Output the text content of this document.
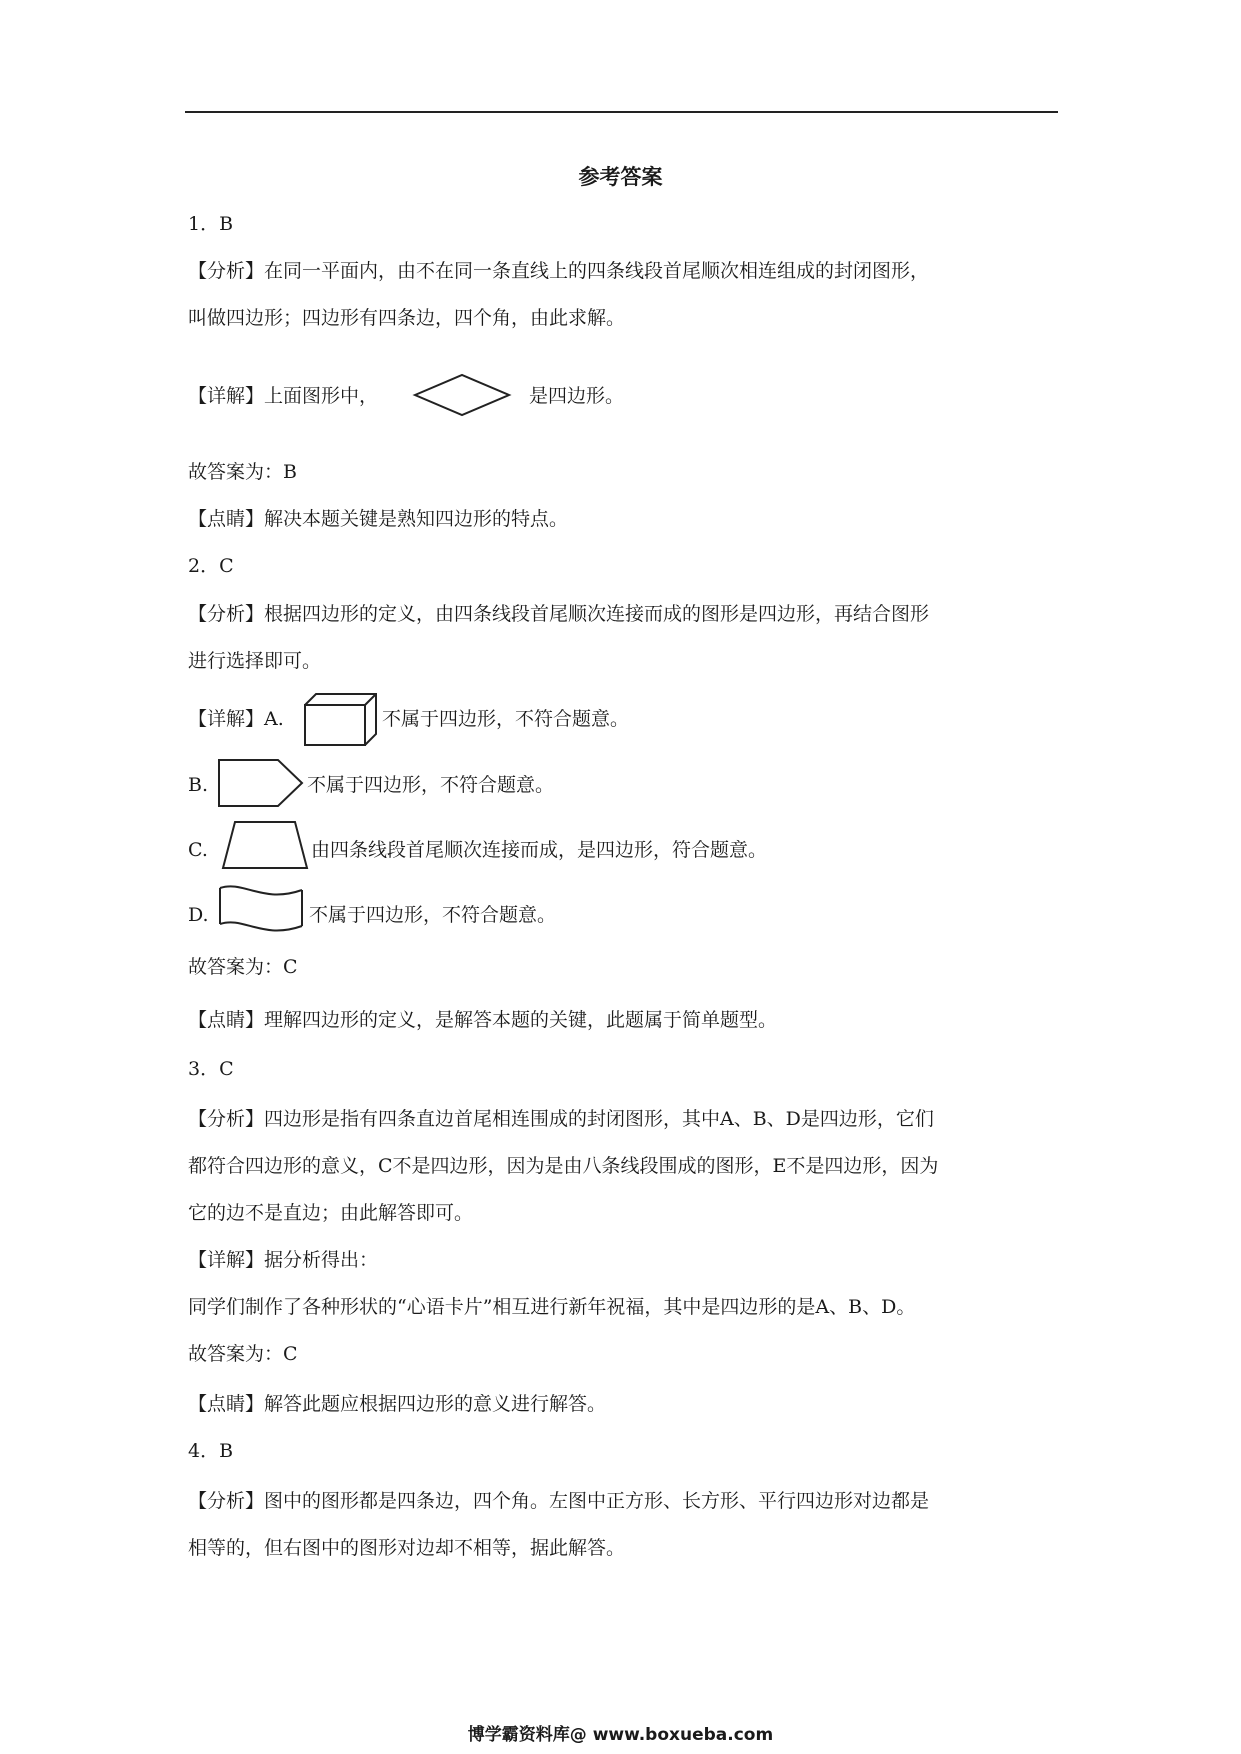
参考答案
1．B
【分析】在同一平面内，由不在同一条直线上的四条线段首尾顺次相连组成的封闭图形，
叫做四边形；四边形有四条边，四个角，由此求解。
【详解】上面图形中，	是四边形。
故答案为：B
【点睛】解决本题关键是熟知四边形的特点。
2．C
【分析】根据四边形的定义，由四条线段首尾顺次连接而成的图形是四边形，再结合图形
进行选择即可。
【详解】A.	不属于四边形，不符合题意。
B.	不属于四边形，不符合题意。
C.	由四条线段首尾顺次连接而成，是四边形，符合题意。
D.	不属于四边形，不符合题意。
故答案为：C
【点睛】理解四边形的定义，是解答本题的关键，此题属于简单题型。
3．C
【分析】四边形是指有四条直边首尾相连围成的封闭图形，其中A、B、D是四边形，它们
都符合四边形的意义，C不是四边形，因为是由八条线段围成的图形，E不是四边形，因为
它的边不是直边；由此解答即可。
【详解】据分析得出：
同学们制作了各种形状的“心语卡片”相互进行新年祝福，其中是四边形的是A、B、D。
故答案为：C
【点睛】解答此题应根据四边形的意义进行解答。
4．B
【分析】图中的图形都是四条边，四个角。左图中正方形、长方形、平行四边形对边都是
相等的，但右图中的图形对边却不相等，据此解答。
博学霸资料库@ www.boxueba.com
